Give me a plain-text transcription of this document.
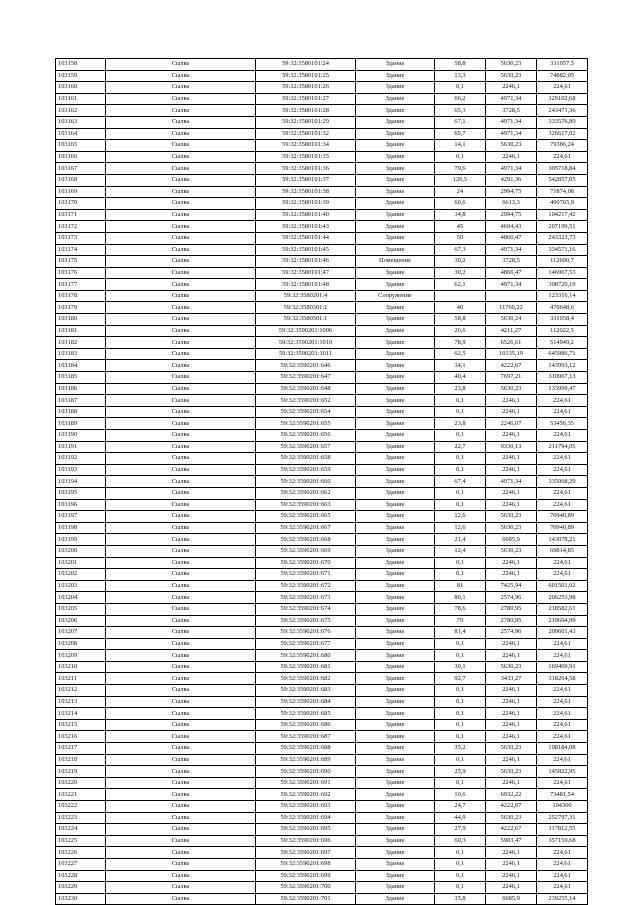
103158	Сылва	59:32:3580101:24	Здание	58,8	5630,23	331057,5
103159	Сылва	59:32:3580101:25	Здание	13,3	5630,23	74882,05
103160	Сылва	59:32:3580101:26	Здание	0,1	2246,1	224,61
103161	Сылва	59:32:3580101:27	Здание	66,2	4971,34	329102,68
103162	Сылва	59:32:3580101:28	Здание	65,3	3728,5	243471,36
103163	Сылва	59:32:3580101:29	Здание	67,1	4971,34	333576,89
103164	Сылва	59:32:3580101:32	Здание	65,7	4971,34	326617,02
103165	Сылва	59:32:3580101:34	Здание	14,1	5630,23	79386,24
103166	Сылва	59:32:3580101:35	Здание	0,1	2246,1	224,61
103167	Сылва	59:32:3580101:36	Здание	79,6	4971,34	395718,84
103168	Сылва	59:32:3580101:37	Здание	126,5	4291,36	542857,05
103169	Сылва	59:32:3580101:38	Здание	24	2994,75	71874,08
103170	Сылва	59:32:3580101:39	Здание	60,6	6613,3	400765,9
103171	Сылва	59:32:3580101:40	Здание	34,8	2994,75	104217,42
103172	Сылва	59:32:3580101:43	Здание	45	4604,43	207199,51
103173	Сылва	59:32:3580101:44	Здание	50	4866,47	243323,73
103174	Сылва	59:32:3580101:45	Здание	67,3	4971,34	334571,16
103175	Сылва	59:32:3580101:46	Помещение	30,2	3728,5	112600,7
103176	Сылва	59:32:3580101:47	Здание	30,2	4866,47	146967,53
103177	Сылва	59:32:3580101:48	Здание	62,1	4971,34	308720,19
103178	Сылва	59:32:3580201:4	Сооружение			123316,14
103179	Сылва	59:32:3580301:1	Здание	40	11760,22	470648,6
103180	Сылва	59:32:3580501:1	Здание	58,8	5630,24	331058,4
103181	Сылва	59:32:3590201:1006	Здание	26,6	4211,27	112022,5
103182	Сылва	59:32:3590201:1010	Здание	78,9	6526,61	514949,2
103183	Сылва	59:32:3590201:1011	Здание	62,5	10335,19	645986,71
103184	Сылва	59:32:3590201:646	Здание	34,1	4222,67	143993,12
103185	Сылва	59:32:3590201:647	Здание	40,4	7697,21	310967,13
103186	Сылва	59:32:3590201:648	Здание	23,8	5630,23	133999,47
103187	Сылва	59:32:3590201:652	Здание	0,1	2246,1	224,61
103188	Сылва	59:32:3590201:654	Здание	0,1	2246,1	224,61
103189	Сылва	59:32:3590201:655	Здание	23,8	2246,07	53456,35
103190	Сылва	59:32:3590201:656	Здание	0,1	2246,1	224,61
103191	Сылва	59:32:3590201:657	Здание	22,7	9330,13	211794,05
103192	Сылва	59:32:3590201:658	Здание	0,1	2246,1	224,61
103193	Сылва	59:32:3590201:659	Здание	0,1	2246,1	224,61
103194	Сылва	59:32:3590201:660	Здание	67,4	4971,34	335068,29
103195	Сылва	59:32:3590201:662	Здание	0,1	2246,1	224,61
103196	Сылва	59:32:3590201:663	Здание	0,1	2246,1	224,61
103197	Сылва	59:32:3590201:665	Здание	12,6	5630,23	70940,89
103198	Сылва	59:32:3590201:667	Здание	12,6	5630,23	70940,89
103199	Сылва	59:32:3590201:668	Здание	21,4	6685,9	143078,21
103200	Сылва	59:32:3590201:669	Здание	12,4	5630,23	69814,85
103201	Сылва	59:32:3590201:670	Здание	0,1	2246,1	224,61
103202	Сылва	59:32:3590201:671	Здание	0,1	2246,1	224,61
103203	Сылва	59:32:3590201:672	Здание	81	7425,94	601501,02
103204	Сылва	59:32:3590201:673	Здание	80,1	2574,96	206253,98
103205	Сылва	59:32:3590201:674	Здание	78,6	2780,95	218582,61
103206	Сылва	59:32:3590201:675	Здание	79	2780,95	219694,99
103207	Сылва	59:32:3590201:676	Здание	81,4	2574,96	209601,43
103208	Сылва	59:32:3590201:677	Здание	0,1	2246,1	224,61
103209	Сылва	59:32:3590201:680	Здание	0,1	2246,1	224,61
103210	Сылва	59:32:3590201:681	Здание	30,1	5630,23	169469,91
103211	Сылва	59:32:3590201:682	Здание	92,7	3433,27	318264,58
103212	Сылва	59:32:3590201:683	Здание	0,1	2246,1	224,61
103213	Сылва	59:32:3590201:684	Здание	0,1	2246,1	224,61
103214	Сылва	59:32:3590201:685	Здание	0,1	2246,1	224,61
103215	Сылва	59:32:3590201:686	Здание	0,1	2246,1	224,61
103216	Сылва	59:32:3590201:687	Здание	0,1	2246,1	224,61
103217	Сылва	59:32:3590201:688	Здание	35,2	5630,23	198184,08
103218	Сылва	59:32:3590201:689	Здание	0,1	2246,1	224,61
103219	Сылва	59:32:3590201:690	Здание	25,9	5630,23	145822,95
103220	Сылва	59:32:3590201:691	Здание	0,1	2246,1	224,61
103221	Сылва	59:32:3590201:692	Здание	10,6	6932,22	73481,54
103222	Сылва	59:32:3590201:693	Здание	24,7	4222,67	104300
103223	Сылва	59:32:3590201:694	Здание	44,9	5630,23	252797,31
103224	Сылва	59:32:3590201:695	Здание	27,9	4222,67	117812,55
103225	Сылва	59:32:3590201:696	Здание	60,3	5903,47	357159,68
103226	Сылва	59:32:3590201:697	Здание	0,1	2246,1	224,61
103227	Сылва	59:32:3590201:698	Здание	0,1	2246,1	224,61
103228	Сылва	59:32:3590201:699	Здание	0,1	2246,1	224,61
103229	Сылва	59:32:3590201:700	Здание	0,1	2246,1	224,61
103230	Сылва	59:32:3590201:701	Здание	35,8	6685,9	239255,14
